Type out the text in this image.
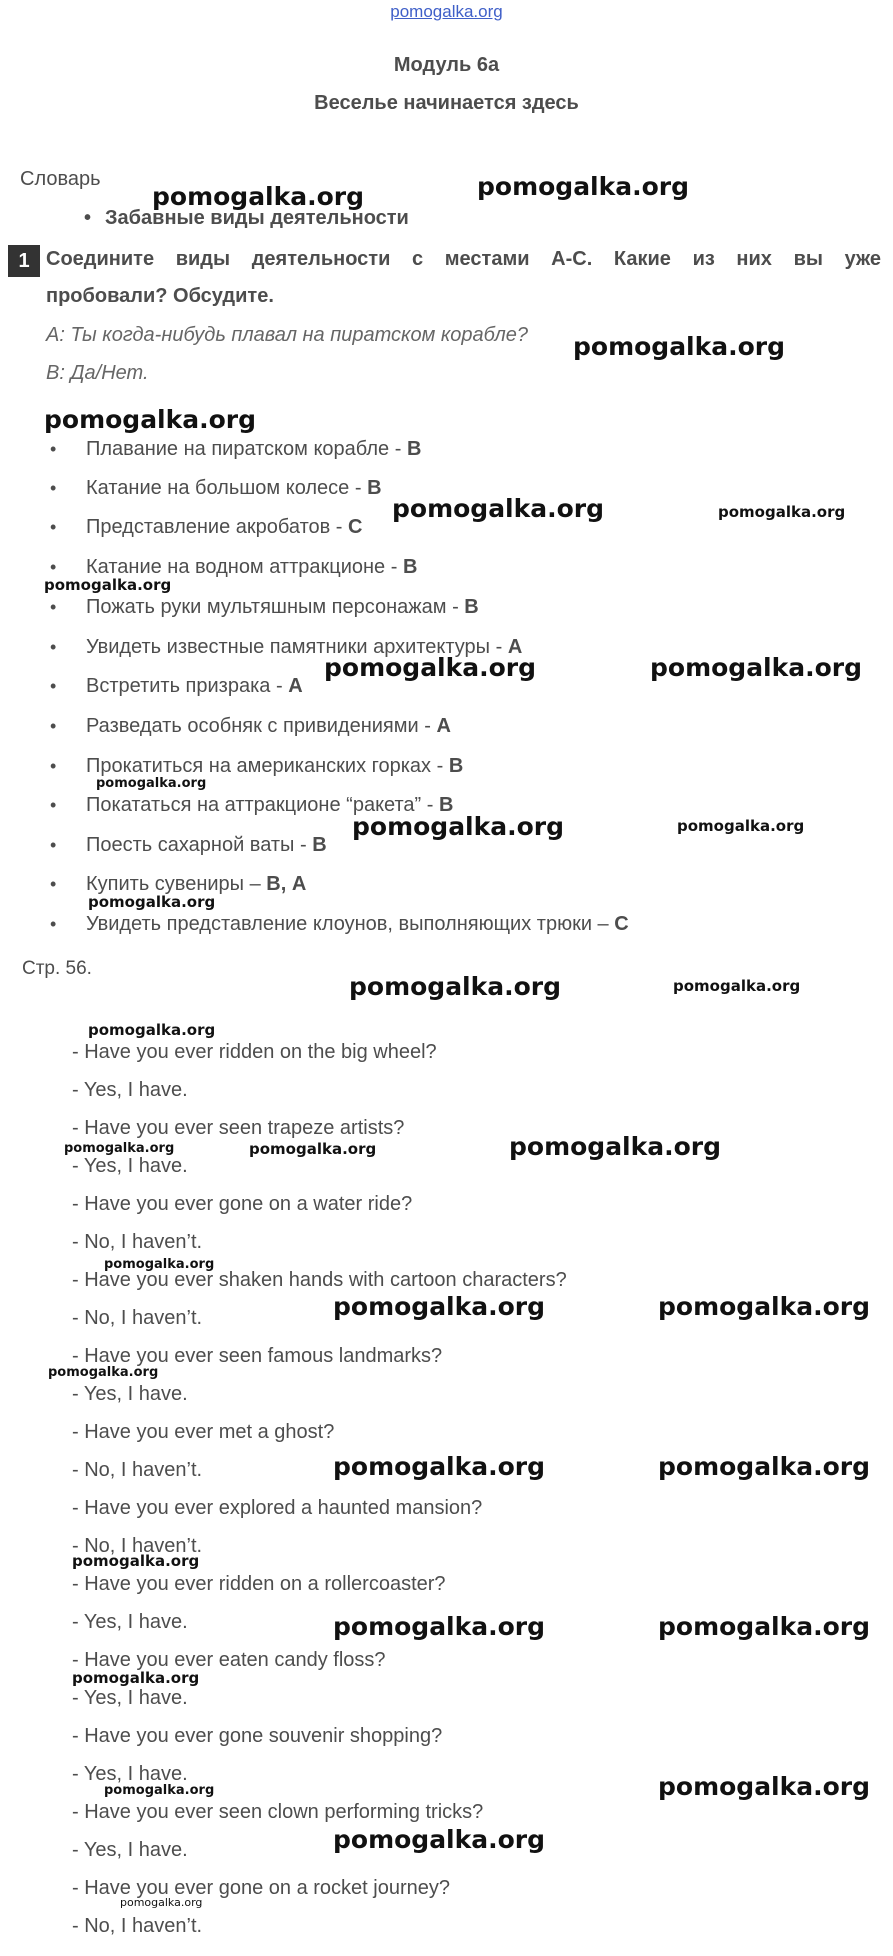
pomogalka.org
Модуль 6а
Веселье начинается здесь
Словарь
• Забавные виды деятельности
1 Соедините виды деятельности с местами А-С. Какие из них вы уже
пробовали? Обсудите.
А: Ты когда-нибудь плавал на пиратском корабле?
В: Да/Нет.
• Плавание на пиратском корабле - В
• Катание на большом колесе - В
• Представление акробатов - С
• Катание на водном аттракционе - В
• Пожать руки мультяшным персонажам - В
• Увидеть известные памятники архитектуры - А
• Встретить призрака - А
• Разведать особняк с привидениями - А
• Прокатиться на американских горках - В
• Покататься на аттракционе “ракета” - В
• Поесть сахарной ваты - В
• Купить сувениры – В, А
• Увидеть представление клоунов, выполняющих трюки – С
Стр. 56.
- Have you ever ridden on the big wheel?
- Yes, I have.
- Have you ever seen trapeze artists?
- Yes, I have.
- Have you ever gone on a water ride?
- No, I haven’t.
- Have you ever shaken hands with cartoon characters?
- No, I haven’t.
- Have you ever seen famous landmarks?
- Yes, I have.
- Have you ever met a ghost?
- No, I haven’t.
- Have you ever explored a haunted mansion?
- No, I haven’t.
- Have you ever ridden on a rollercoaster?
- Yes, I have.
- Have you ever eaten candy floss?
- Yes, I have.
- Have you ever gone souvenir shopping?
- Yes, I have.
- Have you ever seen clown performing tricks?
- Yes, I have.
- Have you ever gone on a rocket journey?
- No, I haven’t.
pomogalka.org	pomogalka.org
pomogalka.org
pomogalka.org
pomogalka.org	pomogalka.org
pomogalka.org
pomogalka.org	pomogalka.org
pomogalka.org
pomogalka.org	pomogalka.org
pomogalka.org
pomogalka.org	pomogalka.org
pomogalka.org
pomogalka.org	pomogalka.org	pomogalka.org
pomogalka.org
pomogalka.org	pomogalka.org
pomogalka.org
pomogalka.org	pomogalka.org
pomogalka.org
pomogalka.org	pomogalka.org
pomogalka.org
pomogalka.org	pomogalka.org
pomogalka.org
pomogalka.org
